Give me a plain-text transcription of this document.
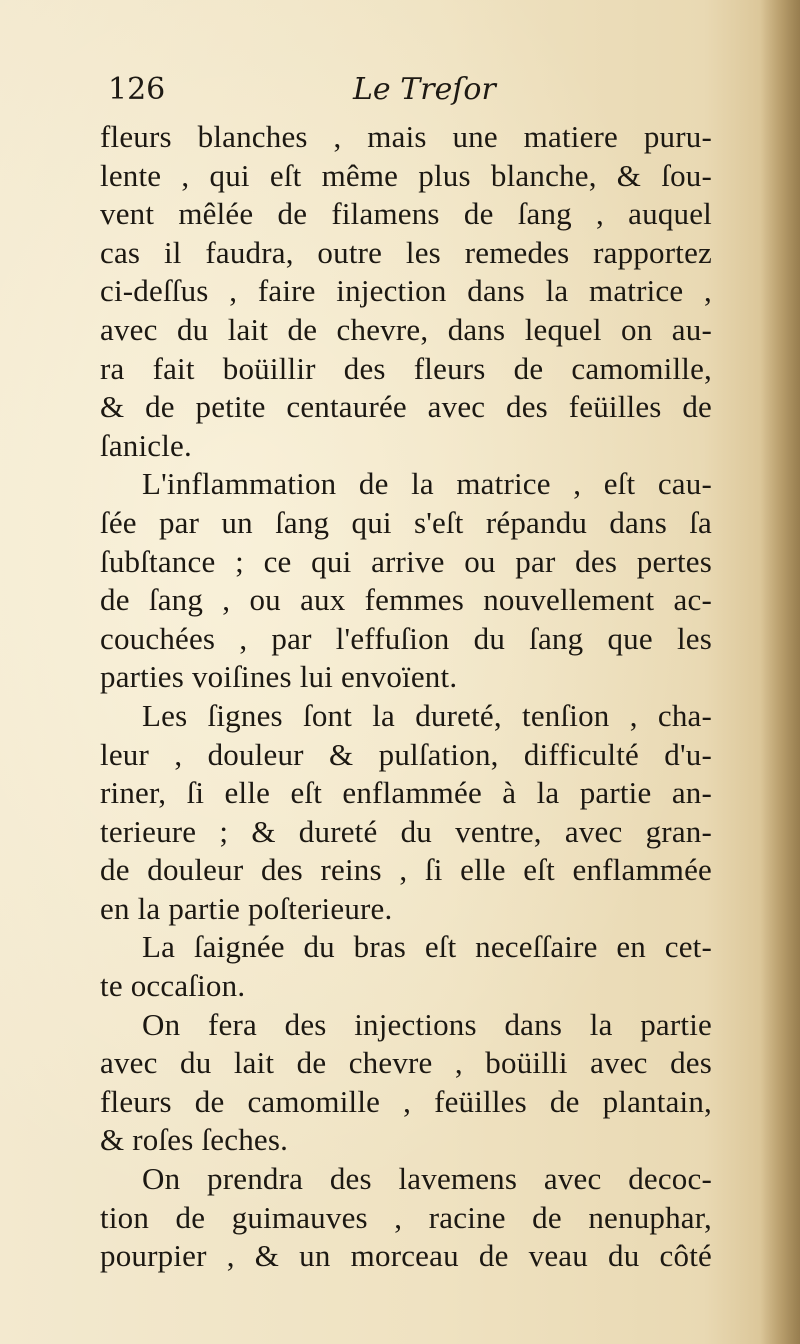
126	Le Treſor
fleurs blanches , mais une matiere puru-
lente , qui eſt même plus blanche, & ſou-
vent mêlée de filamens de ſang , auquel
cas il faudra, outre les remedes rapportez
ci-deſſus , faire injection dans la matrice ,
avec du lait de chevre, dans lequel on au-
ra fait boüillir des fleurs de camomille,
& de petite centaurée avec des feüilles de
ſanicle.
L'inflammation de la matrice , eſt cau-
ſée par un ſang qui s'eſt répandu dans ſa
ſubſtance ; ce qui arrive ou par des pertes
de ſang , ou aux femmes nouvellement ac-
couchées , par l'effuſion du ſang que les
parties voiſines lui envoïent.
Les ſignes ſont la dureté, tenſion , cha-
leur , douleur & pulſation, difficulté d'u-
riner, ſi elle eſt enflammée à la partie an-
terieure ; & dureté du ventre, avec gran-
de douleur des reins , ſi elle eſt enflammée
en la partie poſterieure.
La ſaignée du bras eſt neceſſaire en cet-
te occaſion.
On fera des injections dans la partie
avec du lait de chevre , boüilli avec des
fleurs de camomille , feüilles de plantain,
& roſes ſeches.
On prendra des lavemens avec decoc-
tion de guimauves , racine de nenuphar,
pourpier , & un morceau de veau du côté
